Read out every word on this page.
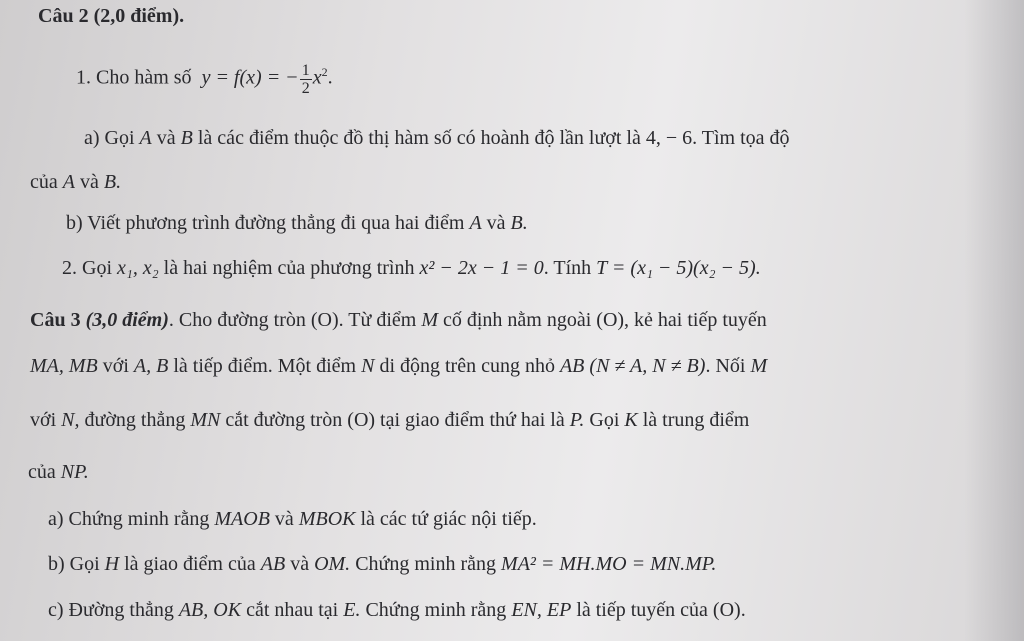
Câu 2 (2,0 điểm).
1. Cho hàm số y = f(x) = − $\frac{1}{2} x^2$.
a) Gọi A và B là các điểm thuộc đồ thị hàm số có hoành độ lần lượt là 4, − 6. Tìm tọa độ
của A và B.
b) Viết phương trình đường thẳng đi qua hai điểm A và B.
2. Gọi x₁, x₂ là hai nghiệm của phương trình x² − 2x − 1 = 0. Tính T = (x₁ − 5)(x₂ − 5).
Câu 3 (3,0 điểm). Cho đường tròn (O). Từ điểm M cố định nằm ngoài (O), kẻ hai tiếp tuyến
MA, MB với A, B là tiếp điểm. Một điểm N di động trên cung nhỏ AB (N ≠ A, N ≠ B). Nối M
với N, đường thẳng MN cắt đường tròn (O) tại giao điểm thứ hai là P. Gọi K là trung điểm
của NP.
a) Chứng minh rằng MAOB và MBOK là các tứ giác nội tiếp.
b) Gọi H là giao điểm của AB và OM. Chứng minh rằng MA² = MH.MO = MN.MP.
c) Đường thẳng AB, OK cắt nhau tại E. Chứng minh rằng EN, EP là tiếp tuyến của (O).
